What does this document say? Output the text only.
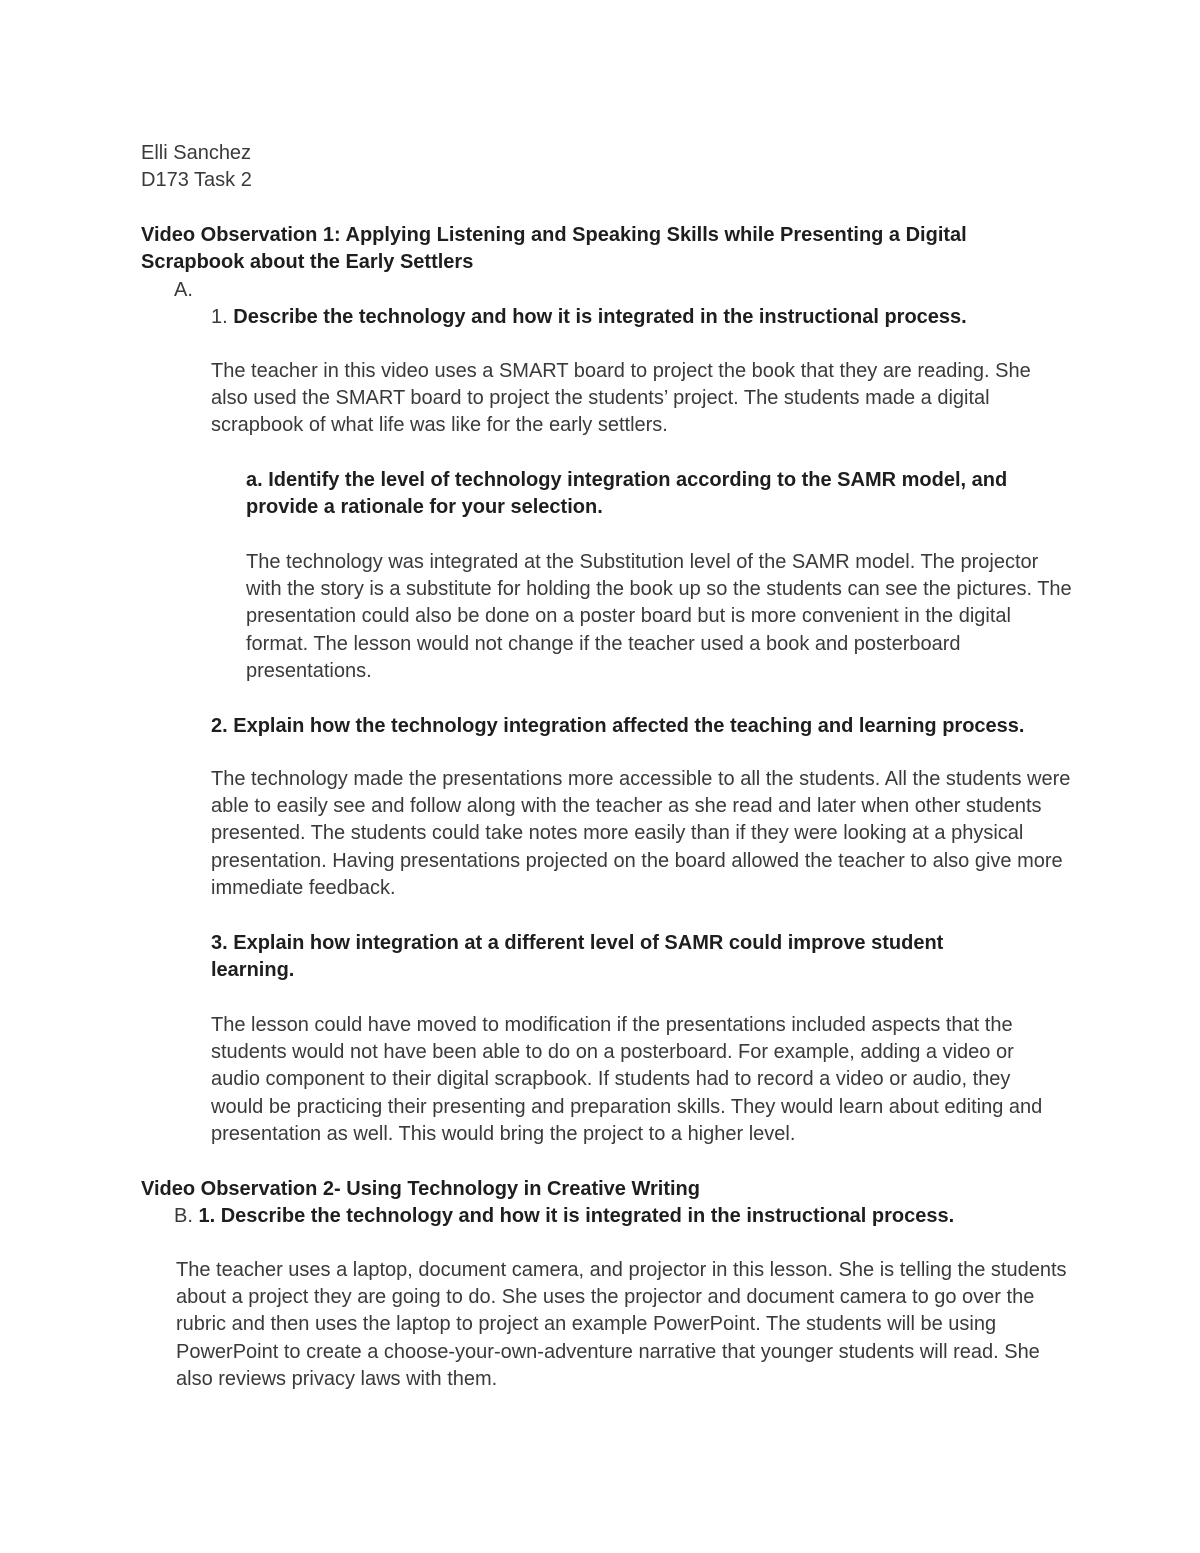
Elli Sanchez

D173 Task 2

Video Observation 1: Applying Listening and Speaking Skills while Presenting a Digital Scrapbook about the Early Settlers

A.

1. Describe the technology and how it is integrated in the instructional process.

The teacher in this video uses a SMART board to project the book that they are reading. She also used the SMART board to project the students’ project. The students made a digital scrapbook of what life was like for the early settlers.

a. Identify the level of technology integration according to the SAMR model, and provide a rationale for your selection.

The technology was integrated at the Substitution level of the SAMR model. The projector with the story is a substitute for holding the book up so the students can see the pictures. The presentation could also be done on a poster board but is more convenient in the digital format. The lesson would not change if the teacher used a book and posterboard presentations.

2. Explain how the technology integration affected the teaching and learning process.

The technology made the presentations more accessible to all the students. All the students were able to easily see and follow along with the teacher as she read and later when other students presented. The students could take notes more easily than if they were looking at a physical presentation. Having presentations projected on the board allowed the teacher to also give more immediate feedback.

3. Explain how integration at a different level of SAMR could improve student learning.

The lesson could have moved to modification if the presentations included aspects that the students would not have been able to do on a posterboard. For example, adding a video or audio component to their digital scrapbook. If students had to record a video or audio, they would be practicing their presenting and preparation skills. They would learn about editing and presentation as well. This would bring the project to a higher level.

Video Observation 2- Using Technology in Creative Writing

B. 1. Describe the technology and how it is integrated in the instructional process.

The teacher uses a laptop, document camera, and projector in this lesson. She is telling the students about a project they are going to do. She uses the projector and document camera to go over the rubric and then uses the laptop to project an example PowerPoint. The students will be using PowerPoint to create a choose-your-own-adventure narrative that younger students will read. She also reviews privacy laws with them.
